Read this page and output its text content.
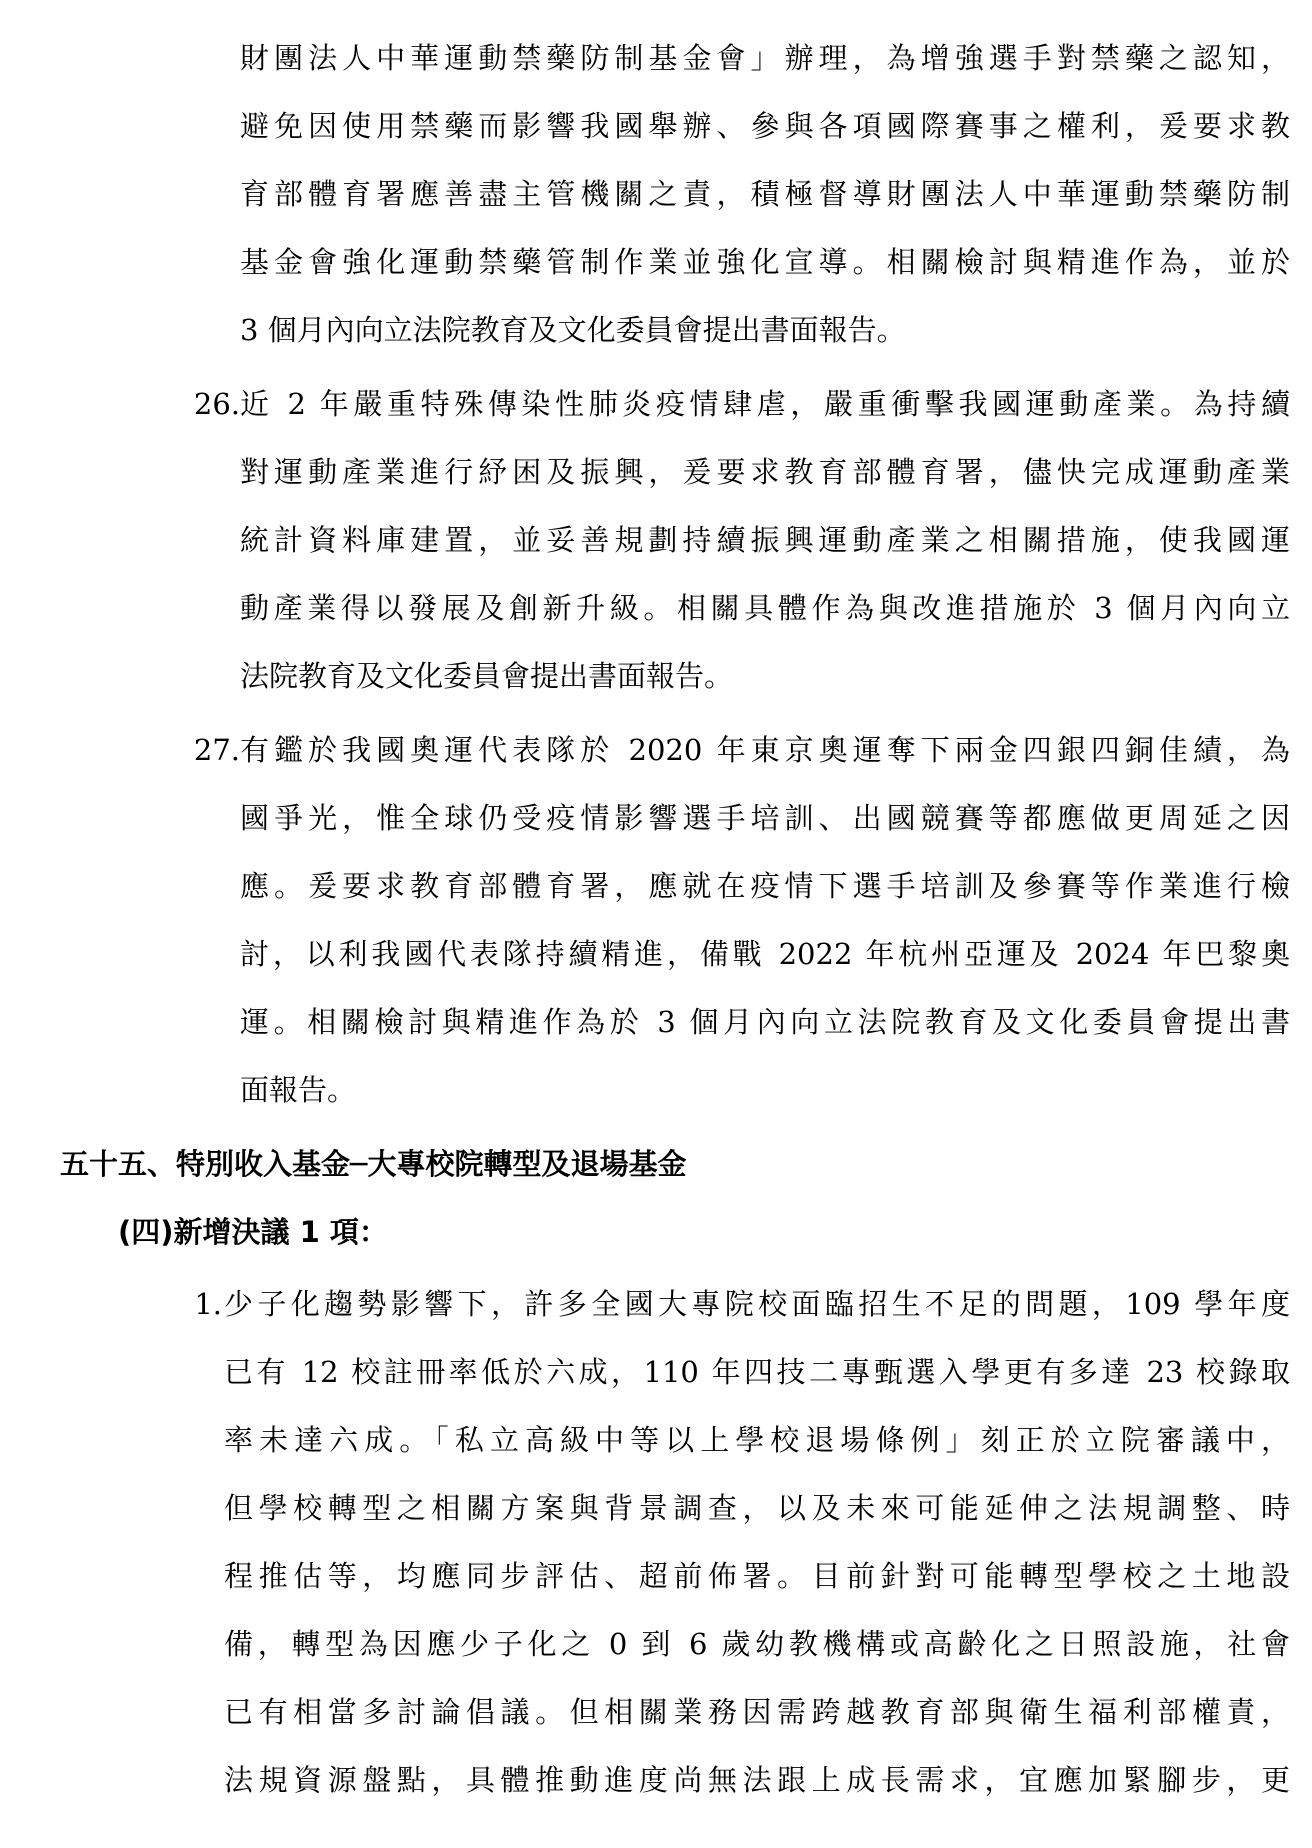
財團法人中華運動禁藥防制基金會」辦理，為增強選手對禁藥之認知，
避免因使用禁藥而影響我國舉辦、參與各項國際賽事之權利，爰要求教
育部體育署應善盡主管機關之責，積極督導財團法人中華運動禁藥防制
基金會強化運動禁藥管制作業並強化宣導。相關檢討與精進作為，並於
3 個月內向立法院教育及文化委員會提出書面報告。
26. 近 2 年嚴重特殊傳染性肺炎疫情肆虐，嚴重衝擊我國運動產業。為持續
對運動產業進行紓困及振興，爰要求教育部體育署，儘快完成運動產業
統計資料庫建置，並妥善規劃持續振興運動產業之相關措施，使我國運
動產業得以發展及創新升級。相關具體作為與改進措施於 3 個月內向立
法院教育及文化委員會提出書面報告。
27. 有鑑於我國奧運代表隊於 2020 年東京奧運奪下兩金四銀四銅佳績，為
國爭光，惟全球仍受疫情影響選手培訓、出國競賽等都應做更周延之因
應。爰要求教育部體育署，應就在疫情下選手培訓及參賽等作業進行檢
討，以利我國代表隊持續精進，備戰 2022 年杭州亞運及 2024 年巴黎奧
運。相關檢討與精進作為於 3 個月內向立法院教育及文化委員會提出書
面報告。
五十五、特別收入基金─大專校院轉型及退場基金
(四)新增決議 1 項：
1. 少子化趨勢影響下，許多全國大專院校面臨招生不足的問題，109 學年度
已有 12 校註冊率低於六成，110 年四技二專甄選入學更有多達 23 校錄取
率未達六成。「私立高級中等以上學校退場條例」刻正於立院審議中，
但學校轉型之相關方案與背景調查，以及未來可能延伸之法規調整、時
程推估等，均應同步評估、超前佈署。目前針對可能轉型學校之土地設
備，轉型為因應少子化之 0 到 6 歲幼教機構或高齡化之日照設施，社會
已有相當多討論倡議。但相關業務因需跨越教育部與衛生福利部權責，
法規資源盤點，具體推動進度尚無法跟上成長需求，宜應加緊腳步，更
